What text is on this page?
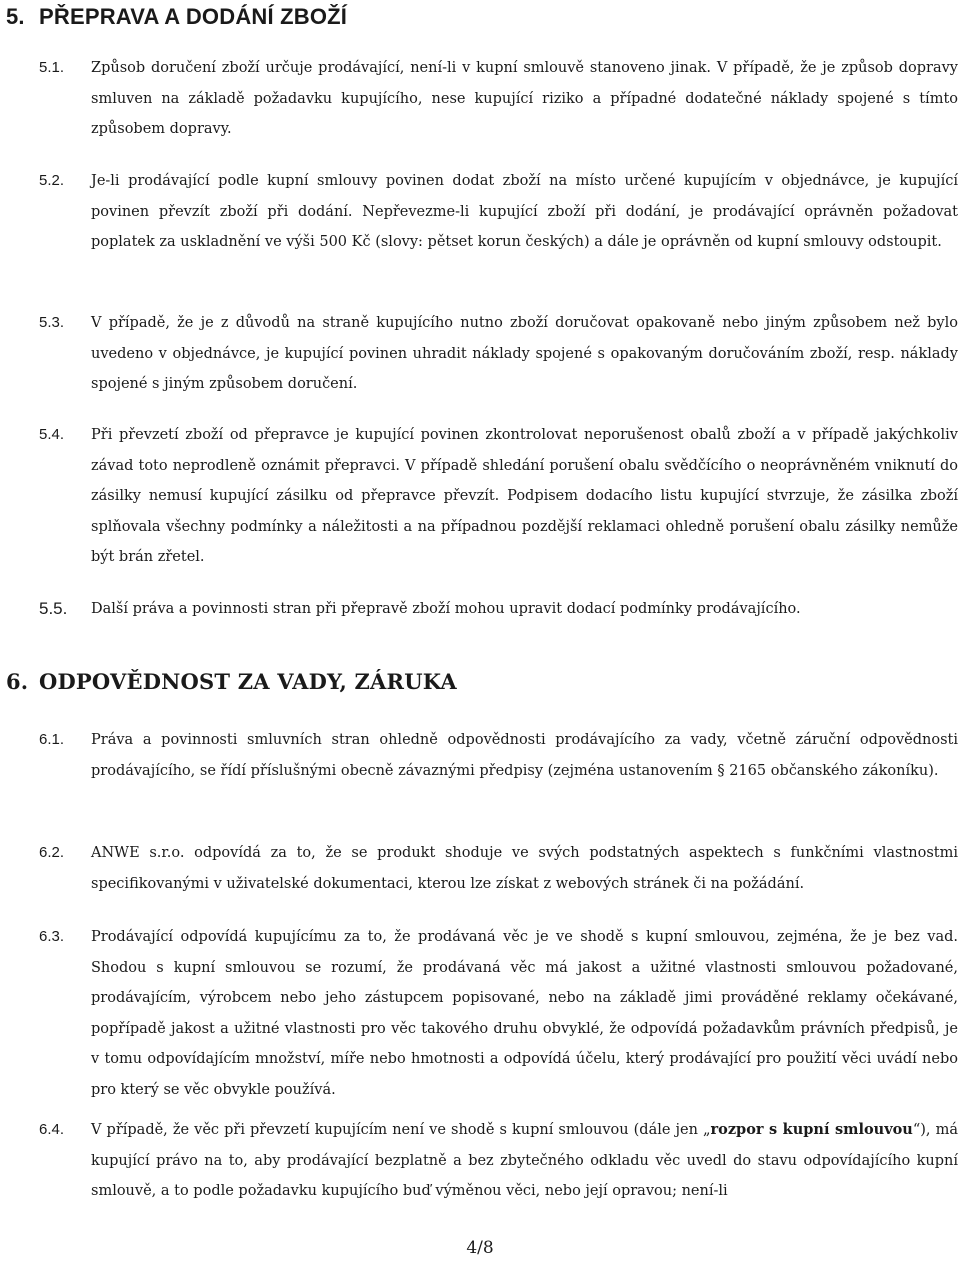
5. PŘEPRAVA A DODÁNÍ ZBOŽÍ
5.1. Způsob doručení zboží určuje prodávající, není-li v kupní smlouvě stanoveno jinak. V případě, že je způsob dopravy smluven na základě požadavku kupujícího, nese kupující riziko a případné dodatečné náklady spojené s tímto způsobem dopravy.
5.2. Je-li prodávající podle kupní smlouvy povinen dodat zboží na místo určené kupujícím v objednávce, je kupující povinen převzít zboží při dodání. Nepřevezme-li kupující zboží při dodání, je prodávající oprávněn požadovat poplatek za uskladnění ve výši 500 Kč (slovy: pětset korun českých) a dále je oprávněn od kupní smlouvy odstoupit.
5.3. V případě, že je z důvodů na straně kupujícího nutno zboží doručovat opakovaně nebo jiným způsobem než bylo uvedeno v objednávce, je kupující povinen uhradit náklady spojené s opakovaným doručováním zboží, resp. náklady spojené s jiným způsobem doručení.
5.4. Při převzetí zboží od přepravce je kupující povinen zkontrolovat neporušenost obalů zboží a v případě jakýchkoliv závad toto neprodleně oznámit přepravci. V případě shledání porušení obalu svědčícího o neoprávněném vniknutí do zásilky nemusí kupující zásilku od přepravce převzít. Podpisem dodacího listu kupující stvrzuje, že zásilka zboží splňovala všechny podmínky a náležitosti a na případnou pozdější reklamaci ohledně porušení obalu zásilky nemůže být brán zřetel.
5.5. Další práva a povinnosti stran při přepravě zboží mohou upravit dodací podmínky prodávajícího.
6. ODPOVĚDNOST ZA VADY, ZÁRUKA
6.1. Práva a povinnosti smluvních stran ohledně odpovědnosti prodávajícího za vady, včetně záruční odpovědnosti prodávajícího, se řídí příslušnými obecně závaznými předpisy (zejména ustanovením § 2165 občanského zákoníku).
6.2. ANWE s.r.o. odpovídá za to, že se produkt shoduje ve svých podstatných aspektech s funkčními vlastnostmi specifikovanými v uživatelské dokumentaci, kterou lze získat z webových stránek či na požádání.
6.3. Prodávající odpovídá kupujícímu za to, že prodávaná věc je ve shodě s kupní smlouvou, zejména, že je bez vad. Shodou s kupní smlouvou se rozumí, že prodávaná věc má jakost a užitné vlastnosti smlouvou požadované, prodávajícím, výrobcem nebo jeho zástupcem popisované, nebo na základě jimi prováděné reklamy očekávané, popřípadě jakost a užitné vlastnosti pro věc takového druhu obvyklé, že odpovídá požadavkům právních předpisů, je v tomu odpovídajícím množství, míře nebo hmotnosti a odpovídá účelu, který prodávající pro použití věci uvádí nebo pro který se věc obvykle používá.
6.4. V případě, že věc při převzetí kupujícím není ve shodě s kupní smlouvou (dále jen „rozpor s kupní smlouvou“), má kupující právo na to, aby prodávající bezplatně a bez zbytečného odkladu věc uvedl do stavu odpovídajícího kupní smlouvě, a to podle požadavku kupujícího buď výměnou věci, nebo její opravou; není-li
4/8
